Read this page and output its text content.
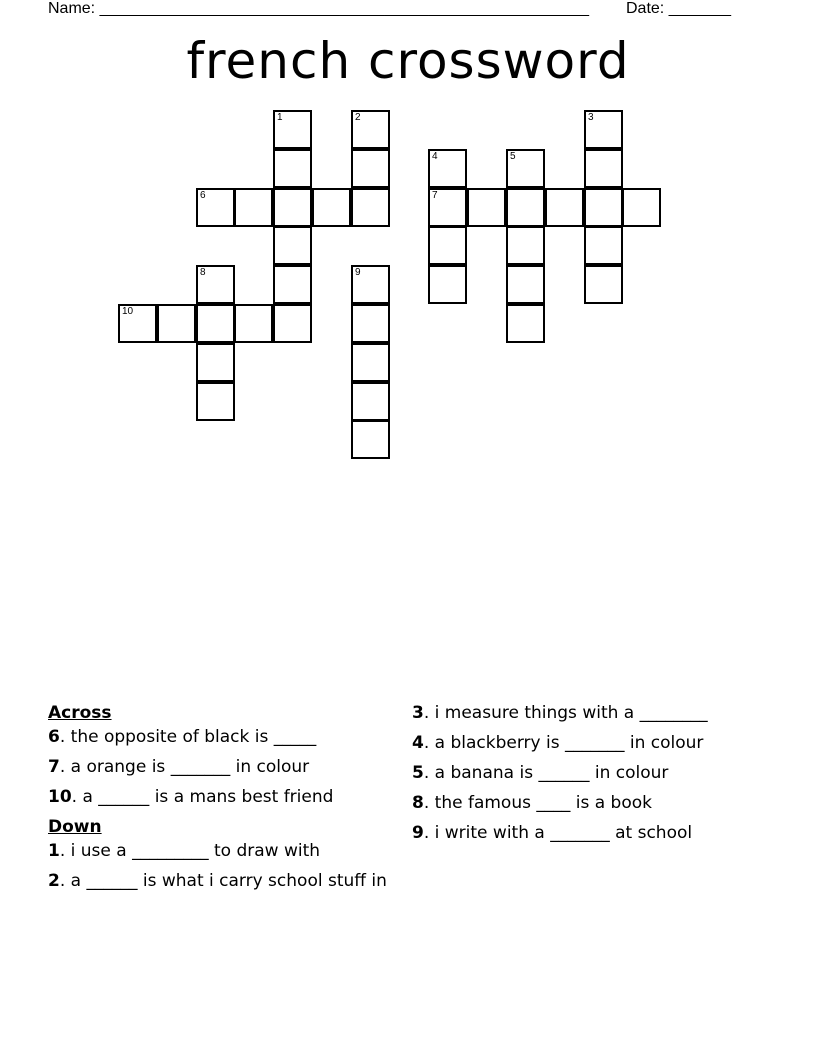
Name: _______________________________________________________ Date: _______
french crossword
1	2	3
4	5
6	7
8	9
10
Across
6. the opposite of black is _____
7. a orange is _______ in colour
10. a ______ is a mans best friend
Down
1. i use a _________ to draw with
2. a ______ is what i carry school stuff in
3. i measure things with a ________
4. a blackberry is _______ in colour
5. a banana is ______ in colour
8. the famous ____ is a book
9. i write with a _______ at school
